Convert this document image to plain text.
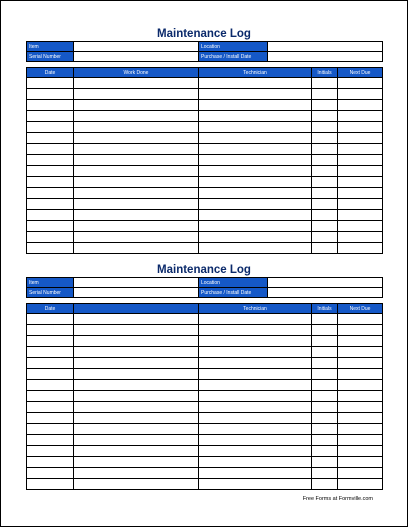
Maintenance Log
Item		Location	
Serial Number		Purchase / Install Date	
Date	Work Done	Technician	Initials	Next Due

Maintenance Log
Item		Location	
Serial Number		Purchase / Install Date	
Date		Technician	Initials	Next Due

Free Forms at Formville.com
